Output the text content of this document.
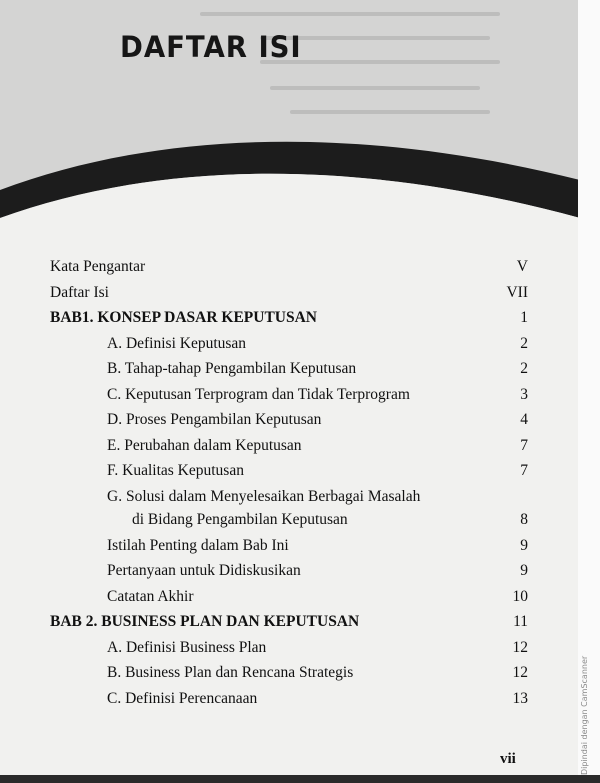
DAFTAR ISI
Kata Pengantar	V
Daftar Isi	VII
BAB1. KONSEP DASAR KEPUTUSAN	1
A. Definisi Keputusan	2
B. Tahap-tahap Pengambilan Keputusan	2
C. Keputusan Terprogram dan Tidak Terprogram	3
D. Proses Pengambilan Keputusan	4
E. Perubahan dalam Keputusan	7
F. Kualitas Keputusan	7
G. Solusi dalam Menyelesaikan Berbagai Masalah
di Bidang Pengambilan Keputusan	8
Istilah Penting dalam Bab Ini	9
Pertanyaan untuk Didiskusikan	9
Catatan Akhir	10
BAB 2. BUSINESS PLAN DAN KEPUTUSAN	11
A. Definisi Business Plan	12
B. Business Plan dan Rencana Strategis	12
C. Definisi Perencanaan	13
vii	Dipindai dengan CamScanner
